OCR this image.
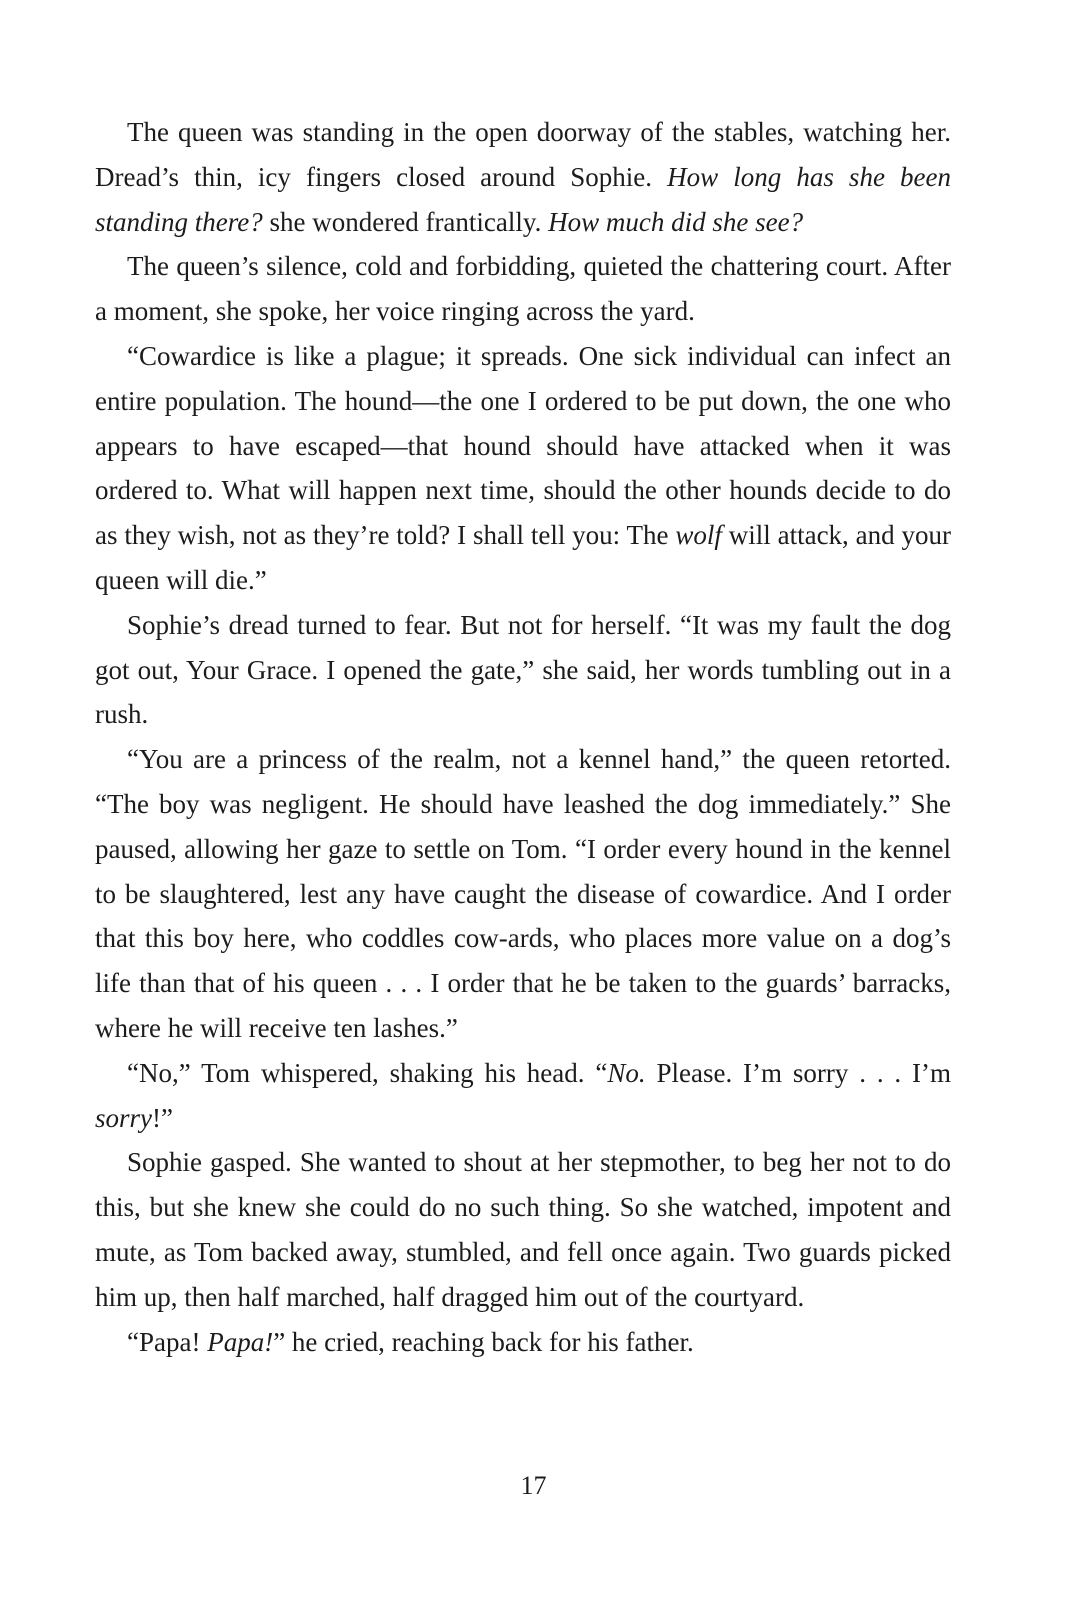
The queen was standing in the open doorway of the stables, watching her. Dread’s thin, icy fingers closed around Sophie. How long has she been standing there? she wondered frantically. How much did she see?

The queen’s silence, cold and forbidding, quieted the chattering court. After a moment, she spoke, her voice ringing across the yard.

“Cowardice is like a plague; it spreads. One sick individual can infect an entire population. The hound—the one I ordered to be put down, the one who appears to have escaped—that hound should have attacked when it was ordered to. What will happen next time, should the other hounds decide to do as they wish, not as they’re told? I shall tell you: The wolf will attack, and your queen will die.”

Sophie’s dread turned to fear. But not for herself. “It was my fault the dog got out, Your Grace. I opened the gate,” she said, her words tumbling out in a rush.

“You are a princess of the realm, not a kennel hand,” the queen retorted. “The boy was negligent. He should have leashed the dog immediately.” She paused, allowing her gaze to settle on Tom. “I order every hound in the kennel to be slaughtered, lest any have caught the disease of cowardice. And I order that this boy here, who coddles cow‑ards, who places more value on a dog’s life than that of his queen . . . I order that he be taken to the guards’ barracks, where he will receive ten lashes.”

“No,” Tom whispered, shaking his head. “No. Please. I’m sorry . . . I’m sorry!”

Sophie gasped. She wanted to shout at her stepmother, to beg her not to do this, but she knew she could do no such thing. So she watched, impotent and mute, as Tom backed away, stumbled, and fell once again. Two guards picked him up, then half marched, half dragged him out of the courtyard.

“Papa! Papa!” he cried, reaching back for his father.

17
